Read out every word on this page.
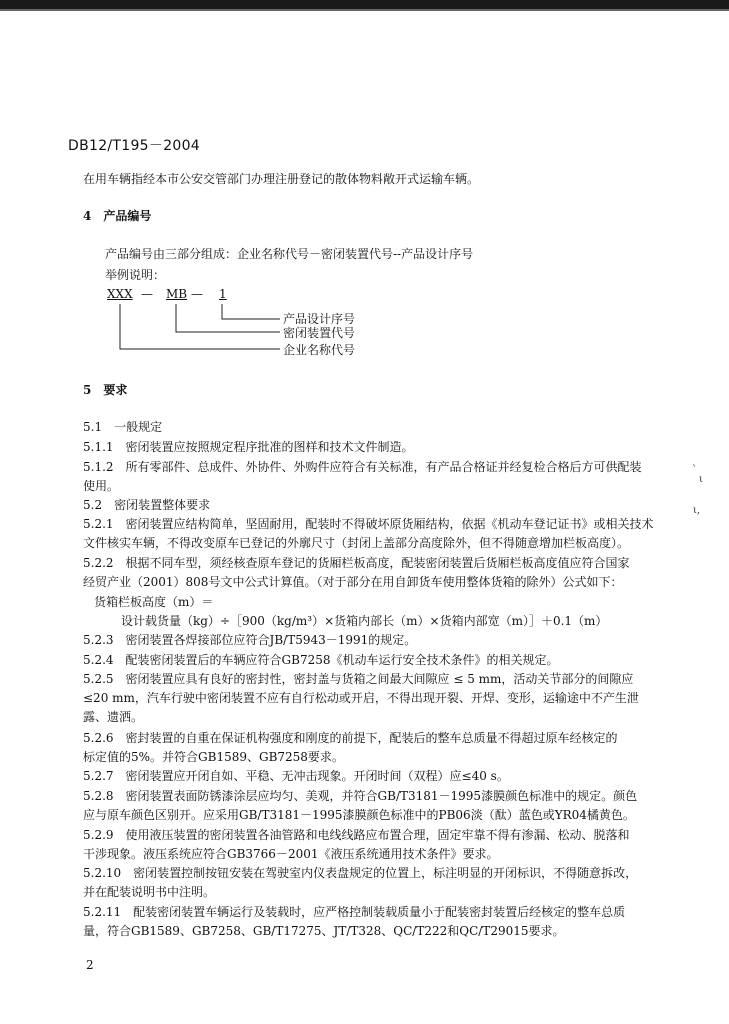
DB12/T195－2004
在用车辆指经本市公安交管部门办理注册登记的散体物料敞开式运输车辆。
4　产品编号
产品编号由三部分组成：企业名称代号－密闭装置代号--产品设计序号
举例说明：
XXX — MB — 1
产品设计序号
密闭装置代号
企业名称代号
5　要求
5.1　一般规定
5.1.1　密闭装置应按照规定程序批准的图样和技术文件制造。
5.1.2　所有零部件、总成件、外协件、外购件应符合有关标准，有产品合格证并经复检合格后方可供配装
使用。
5.2　密闭装置整体要求
5.2.1　密闭装置应结构简单，坚固耐用，配装时不得破坏原货厢结构，依据《机动车登记证书》或相关技术
文件核实车辆，不得改变原车已登记的外廓尺寸（封闭上盖部分高度除外，但不得随意增加栏板高度）。
5.2.2　根据不同车型，须经核查原车登记的货厢栏板高度，配装密闭装置后货厢栏板高度值应符合国家
经贸产业（2001）808号文中公式计算值。（对于部分在用自卸货车使用整体货箱的除外）公式如下：
货箱栏板高度（m）＝
设计载货量（kg）÷［900（kg/m³）×货箱内部长（m）×货箱内部宽（m）］＋0.1（m）
5.2.3　密闭装置各焊接部位应符合JB/T5943－1991的规定。
5.2.4　配装密闭装置后的车辆应符合GB7258《机动车运行安全技术条件》的相关规定。
5.2.5　密闭装置应具有良好的密封性，密封盖与货箱之间最大间隙应 ≤ 5 mm，活动关节部分的间隙应
≤20 mm，汽车行驶中密闭装置不应有自行松动或开启，不得出现开裂、开焊、变形，运输途中不产生泄
露、遗洒。
5.2.6　密封装置的自重在保证机构强度和刚度的前提下，配装后的整车总质量不得超过原车经核定的
标定值的5%。并符合GB1589、GB7258要求。
5.2.7　密闭装置应开闭自如、平稳、无冲击现象。开闭时间（双程）应≤40 s。
5.2.8　密闭装置表面防锈漆涂层应均匀、美观，并符合GB/T3181－1995漆膜颜色标准中的规定。颜色
应与原车颜色区别开。应采用GB/T3181－1995漆膜颜色标准中的PB06淡（酞）蓝色或YR04橘黄色。
5.2.9　使用液压装置的密闭装置各油管路和电线线路应布置合理，固定牢靠不得有渗漏、松动、脱落和
干涉现象。液压系统应符合GB3766－2001《液压系统通用技术条件》要求。
5.2.10　密闭装置控制按钮安装在驾驶室内仪表盘规定的位置上，标注明显的开闭标识，不得随意拆改，
并在配装说明书中注明。
5.2.11　配装密闭装置车辆运行及装载时，应严格控制装载质量小于配装密封装置后经核定的整车总质
量，符合GB1589、GB7258、GB/T17275、JT/T328、QC/T222和QC/T29015要求。
ˋ
ι
ι,
2
